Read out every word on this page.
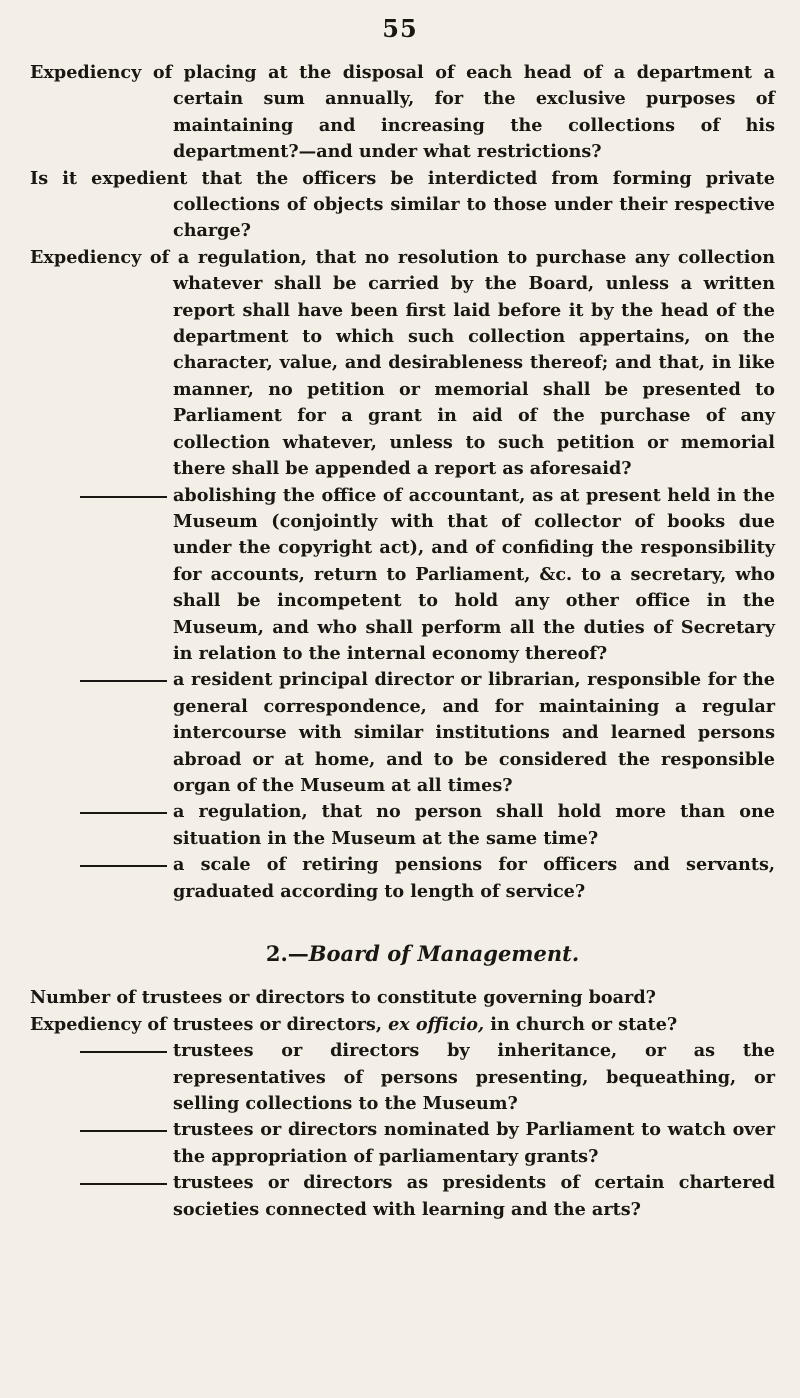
55

Expediency of placing at the disposal of each head of a department a certain sum annually, for the exclusive purposes of maintaining and increasing the collections of his department?—and under what restrictions?

Is it expedient that the officers be interdicted from forming private collections of objects similar to those under their respective charge?

Expediency of a regulation, that no resolution to purchase any collection whatever shall be carried by the Board, unless a written report shall have been first laid before it by the head of the department to which such collection appertains, on the character, value, and desirableness thereof; and that, in like manner, no petition or memorial shall be presented to Parliament for a grant in aid of the purchase of any collection whatever, unless to such petition or memorial there shall be appended a report as aforesaid?

abolishing the office of accountant, as at present held in the Museum (conjointly with that of collector of books due under the copyright act), and of confiding the responsibility for accounts, return to Parliament, &c. to a secretary, who shall be incompetent to hold any other office in the Museum, and who shall perform all the duties of Secretary in relation to the internal economy thereof?

a resident principal director or librarian, responsible for the general correspondence, and for maintaining a regular intercourse with similar institutions and learned persons abroad or at home, and to be considered the responsible organ of the Museum at all times?

a regulation, that no person shall hold more than one situation in the Museum at the same time?

a scale of retiring pensions for officers and servants, graduated according to length of service?

2.—Board of Management.

Number of trustees or directors to constitute governing board?

Expediency of trustees or directors, ex officio, in church or state?

trustees or directors by inheritance, or as the representatives of persons presenting, bequeathing, or selling collections to the Museum?

trustees or directors nominated by Parliament to watch over the appropriation of parliamentary grants?

trustees or directors as presidents of certain chartered societies connected with learning and the arts?
